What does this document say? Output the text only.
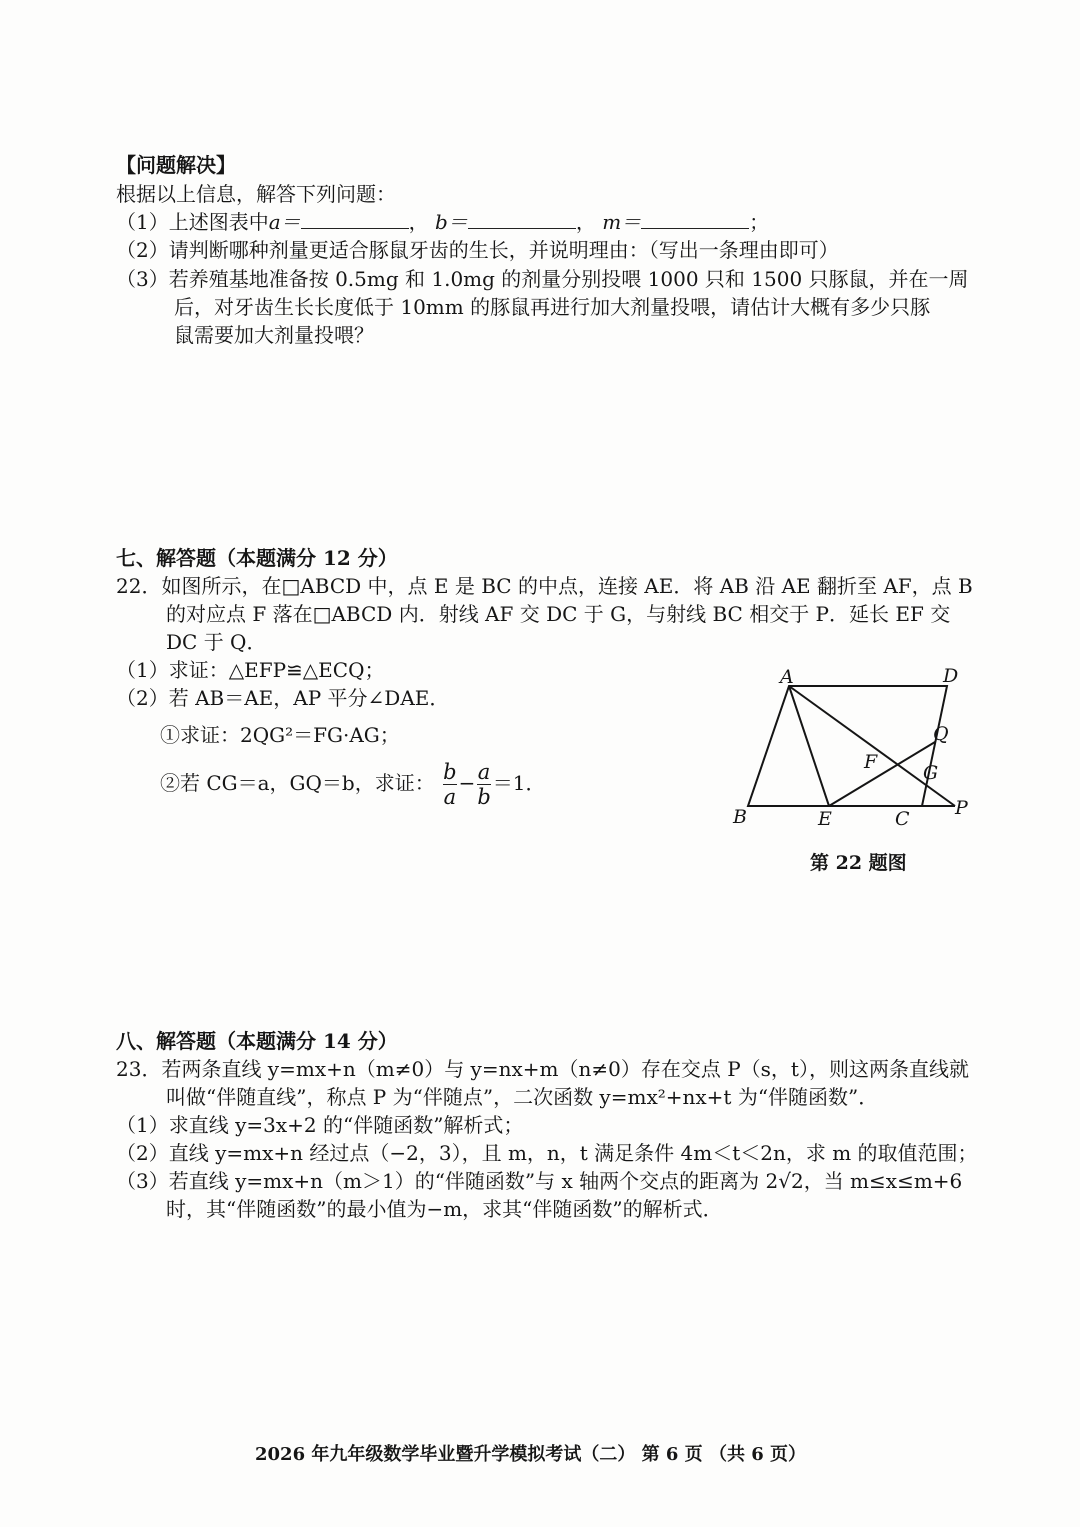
【问题解决】
根据以上信息，解答下列问题：
（1）上述图表中a＝	， b＝	， m＝	；
（2）请判断哪种剂量更适合豚鼠牙齿的生长，并说明理由：（写出一条理由即可）
（3）若养殖基地准备按 0.5mg 和 1.0mg 的剂量分别投喂 1000 只和 1500 只豚鼠，并在一周
后，对牙齿生长长度低于 10mm 的豚鼠再进行加大剂量投喂，请估计大概有多少只豚
鼠需要加大剂量投喂？
七、解答题（本题满分 12 分）
22．如图所示，在□ABCD 中，点 E 是 BC 的中点，连接 AE．将 AB 沿 AE 翻折至 AF，点 B
的对应点 F 落在□ABCD 内．射线 AF 交 DC 于 G，与射线 BC 相交于 P．延长 EF 交
DC 于 Q．
（1）求证：△EFP≌△ECQ；
（2）若 AB＝AE，AP 平分∠DAE．
①求证：2QG²＝FG·AG；
②若 CG＝a，GQ＝b，求证： $\frac{b}{a} - \frac{a}{b} =1$．
A	D
B	E	C
F G
Q
P
第 22 题图
八、解答题（本题满分 14 分）
23．若两条直线 y=mx+n（m≠0）与 y=nx+m（n≠0）存在交点 P（s，t），则这两条直线就
叫做“伴随直线”，称点 P 为“伴随点”，二次函数 y=mx²+nx+t 为“伴随函数”．
（1）求直线 y=3x+2 的“伴随函数”解析式；
（2）直线 y=mx+n 经过点（−2，3），且 m，n，t 满足条件 4m＜t＜2n，求 m 的取值范围；
（3）若直线 y=mx+n（m＞1）的“伴随函数”与 x 轴两个交点的距离为 2√2，当 m≤x≤m+6
时，其“伴随函数”的最小值为−m，求其“伴随函数”的解析式．
2026 年九年级数学毕业暨升学模拟考试（二） 第 6 页 （共 6 页）
